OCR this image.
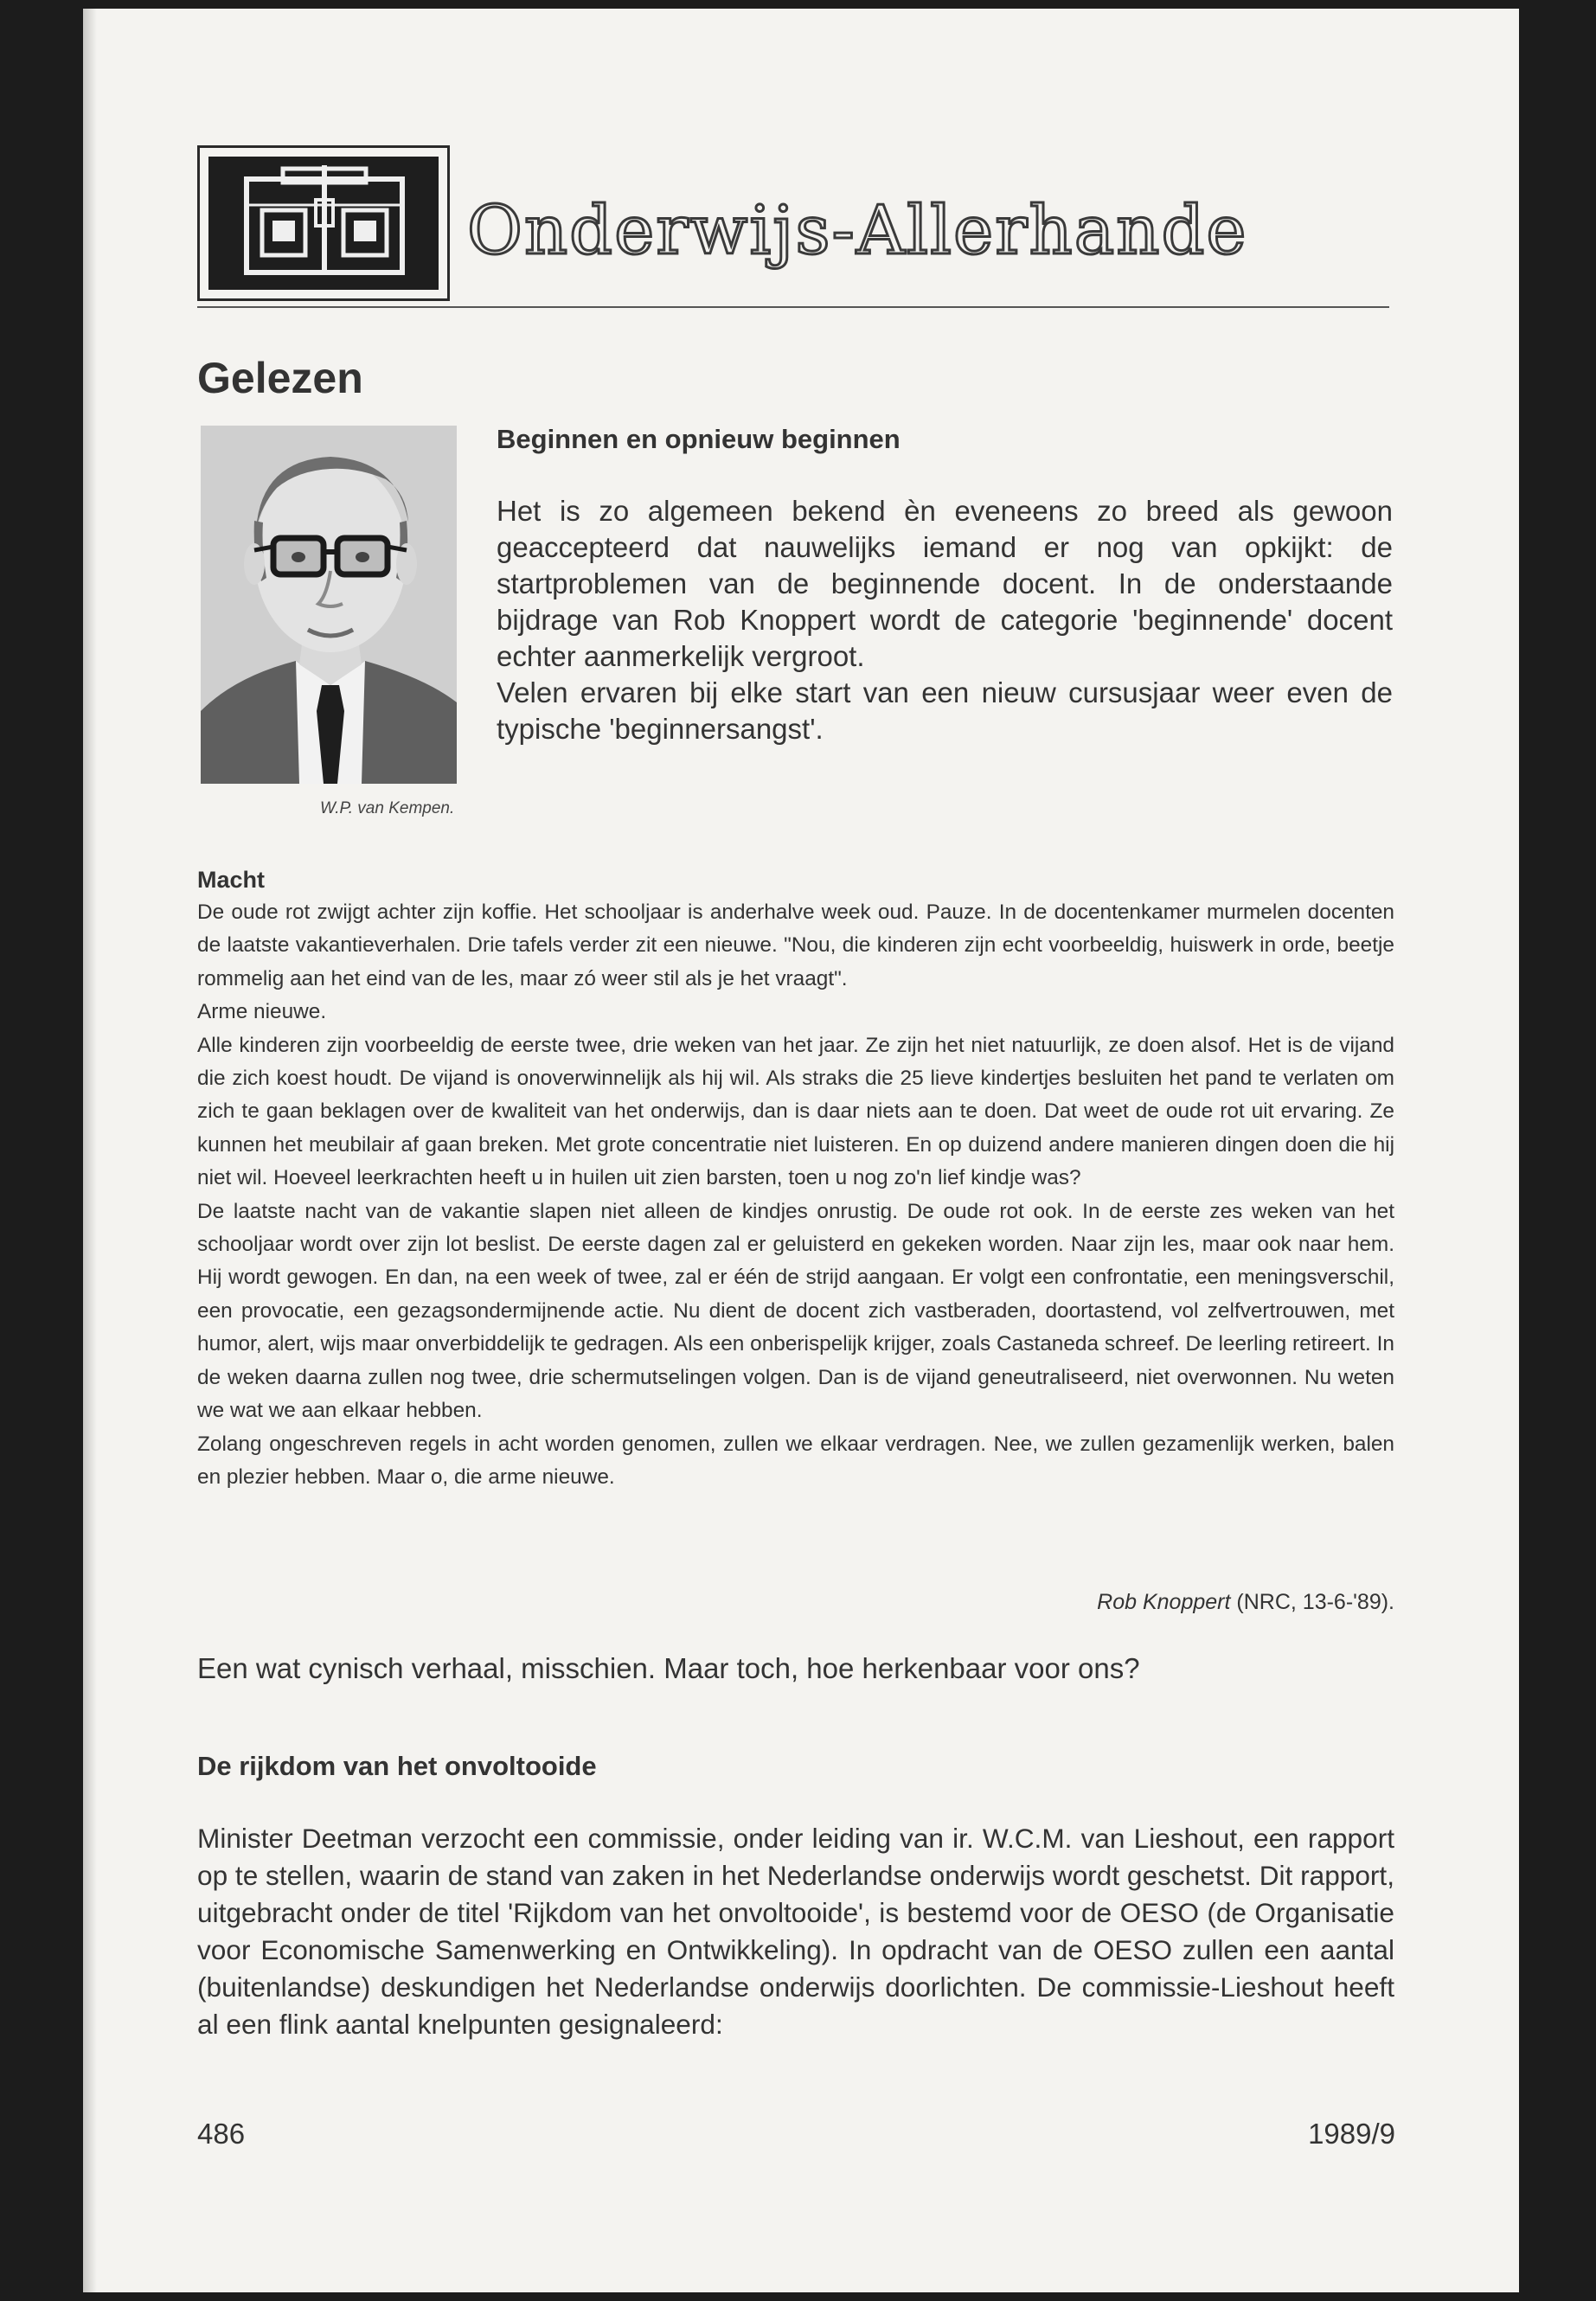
Onderwijs-Allerhande
Gelezen
W.P. van Kempen.
Beginnen en opnieuw beginnen

Het is zo algemeen bekend èn eveneens zo breed als gewoon geaccepteerd dat nauwelijks iemand er nog van opkijkt: de startproblemen van de beginnende docent. In de onderstaande bijdrage van Rob Knoppert wordt de categorie 'beginnende' docent echter aanmerkelijk vergroot.

Velen ervaren bij elke start van een nieuw cursusjaar weer even de typische 'beginnersangst'.

Macht

De oude rot zwijgt achter zijn koffie. Het schooljaar is anderhalve week oud. Pauze. In de docentenkamer murmelen docenten de laatste vakantieverhalen. Drie tafels verder zit een nieuwe. "Nou, die kinderen zijn echt voorbeeldig, huiswerk in orde, beetje rommelig aan het eind van de les, maar zó weer stil als je het vraagt".

Arme nieuwe.

Alle kinderen zijn voorbeeldig de eerste twee, drie weken van het jaar. Ze zijn het niet natuurlijk, ze doen alsof. Het is de vijand die zich koest houdt. De vijand is onoverwinnelijk als hij wil. Als straks die 25 lieve kindertjes besluiten het pand te verlaten om zich te gaan beklagen over de kwaliteit van het onderwijs, dan is daar niets aan te doen. Dat weet de oude rot uit ervaring. Ze kunnen het meubilair af gaan breken. Met grote concentratie niet luisteren. En op duizend andere manieren dingen doen die hij niet wil. Hoeveel leerkrachten heeft u in huilen uit zien barsten, toen u nog zo'n lief kindje was?

De laatste nacht van de vakantie slapen niet alleen de kindjes onrustig. De oude rot ook. In de eerste zes weken van het schooljaar wordt over zijn lot beslist. De eerste dagen zal er geluisterd en gekeken worden. Naar zijn les, maar ook naar hem. Hij wordt gewogen. En dan, na een week of twee, zal er één de strijd aangaan. Er volgt een confrontatie, een meningsverschil, een provocatie, een gezagsondermijnende actie. Nu dient de docent zich vastberaden, doortastend, vol zelfvertrouwen, met humor, alert, wijs maar onverbiddelijk te gedragen. Als een onberispelijk krijger, zoals Castaneda schreef. De leerling retireert. In de weken daarna zullen nog twee, drie schermutselingen volgen. Dan is de vijand geneutraliseerd, niet overwonnen. Nu weten we wat we aan elkaar hebben.

Zolang ongeschreven regels in acht worden genomen, zullen we elkaar verdragen. Nee, we zullen gezamenlijk werken, balen en plezier hebben. Maar o, die arme nieuwe.

Rob Knoppert (NRC, 13-6-'89).
Een wat cynisch verhaal, misschien. Maar toch, hoe herkenbaar voor ons?
De rijkdom van het onvoltooide

Minister Deetman verzocht een commissie, onder leiding van ir. W.C.M. van Lieshout, een rapport op te stellen, waarin de stand van zaken in het Nederlandse onderwijs wordt geschetst. Dit rapport, uitgebracht onder de titel 'Rijkdom van het onvoltooide', is bestemd voor de OESO (de Organisatie voor Economische Samenwerking en Ontwikkeling). In opdracht van de OESO zullen een aantal (buitenlandse) deskundigen het Nederlandse onderwijs doorlichten. De commissie-Lieshout heeft al een flink aantal knelpunten gesignaleerd:

486	1989/9
